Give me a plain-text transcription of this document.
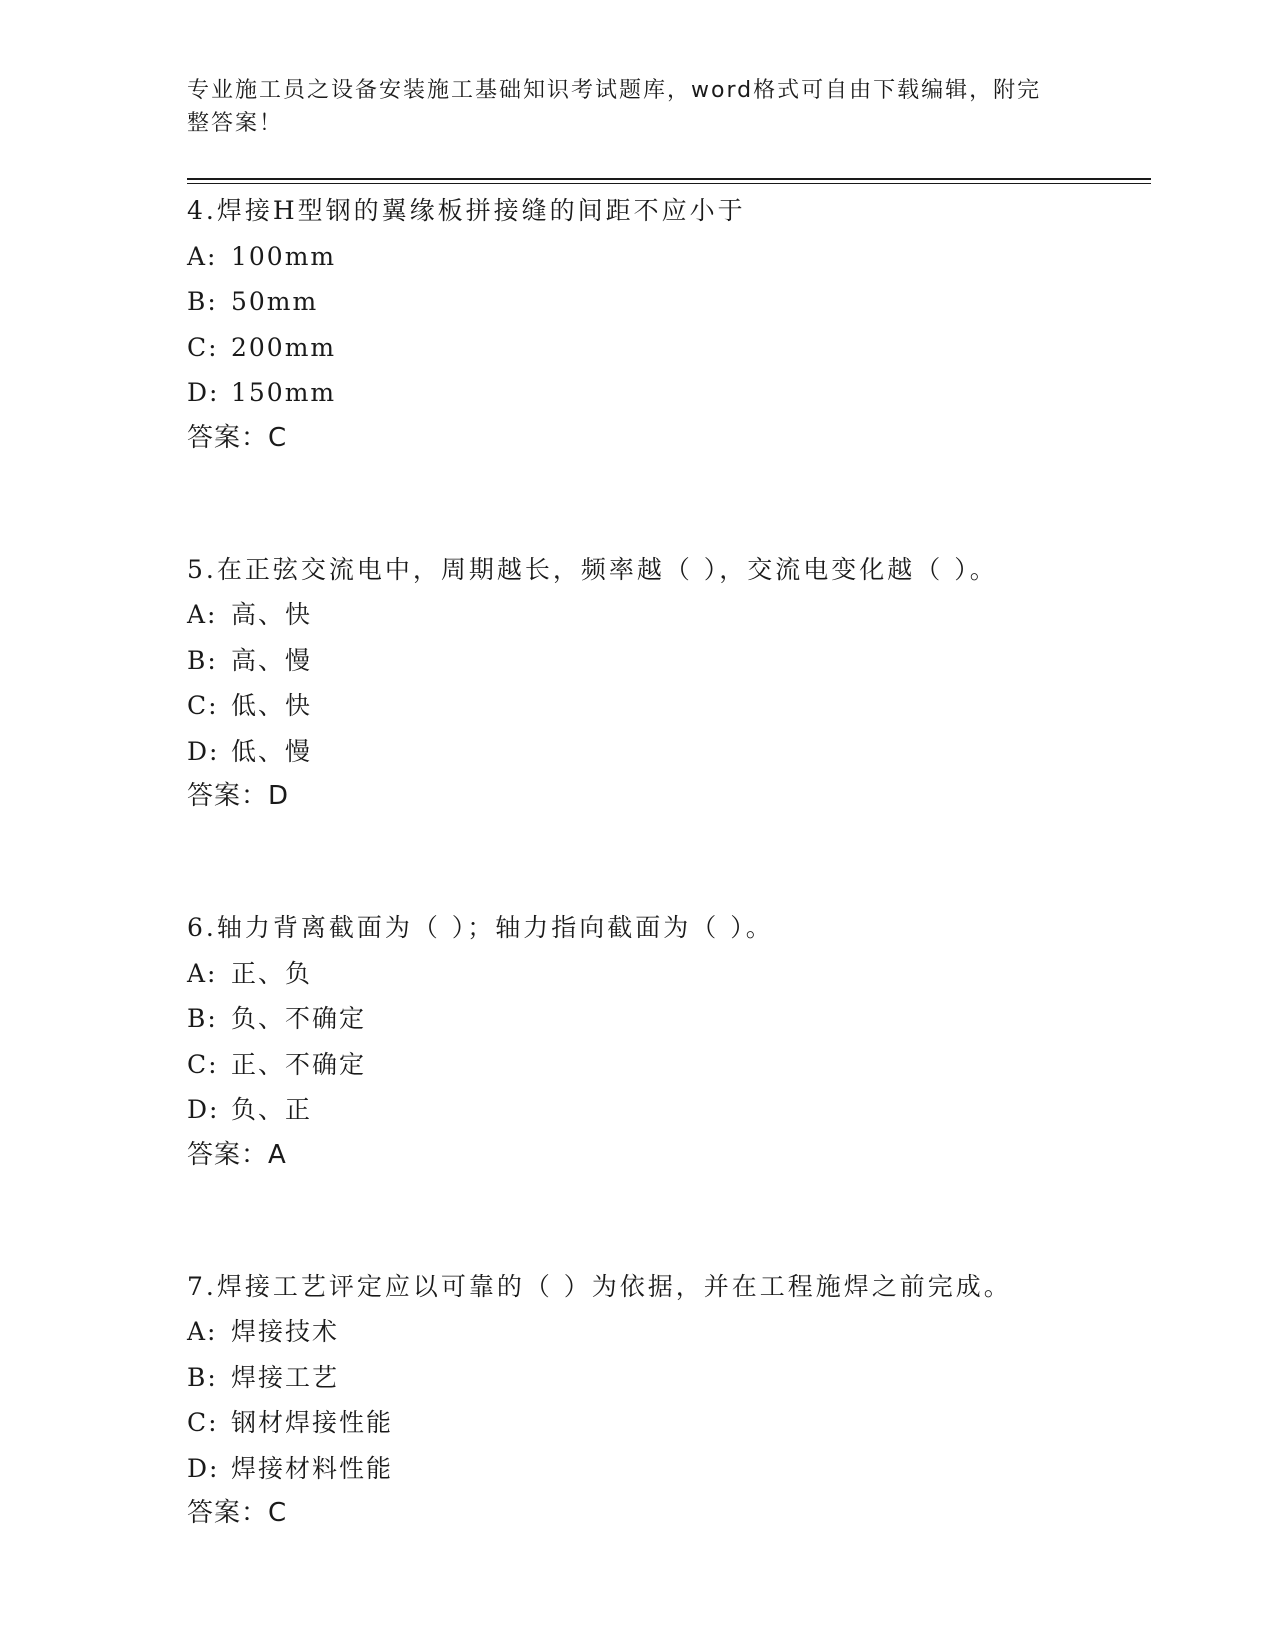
专业施工员之设备安装施工基础知识考试题库，word格式可自由下载编辑，附完
整答案！
4.焊接H型钢的翼缘板拼接缝的间距不应小于
A: 100mm
B: 50mm
C: 200mm
D: 150mm
答案：C
5.在正弦交流电中，周期越长，频率越（ ），交流电变化越（ ）。
A: 高、快
B: 高、慢
C: 低、快
D: 低、慢
答案：D
6.轴力背离截面为（ ）；轴力指向截面为（ ）。
A: 正、负
B: 负、不确定
C: 正、不确定
D: 负、正
答案：A
7.焊接工艺评定应以可靠的（ ）为依据，并在工程施焊之前完成。
A: 焊接技术
B: 焊接工艺
C: 钢材焊接性能
D: 焊接材料性能
答案：C
